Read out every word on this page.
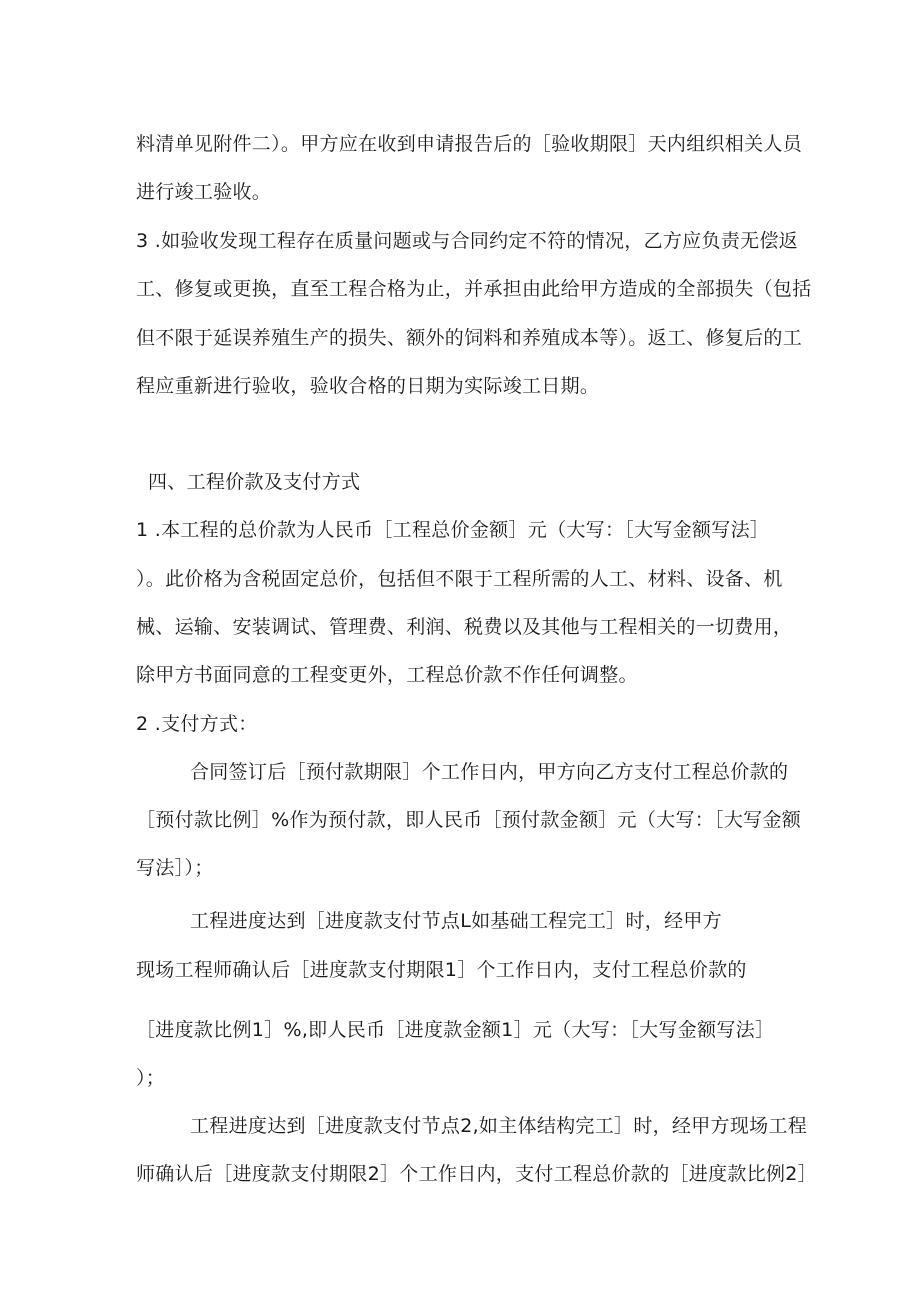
料清单见附件二）。甲方应在收到申请报告后的［验收期限］天内组织相关人员
进行竣工验收。
3 .如验收发现工程存在质量问题或与合同约定不符的情况，乙方应负责无偿返
工、修复或更换，直至工程合格为止，并承担由此给甲方造成的全部损失（包括
但不限于延误养殖生产的损失、额外的饲料和养殖成本等）。返工、修复后的工
程应重新进行验收，验收合格的日期为实际竣工日期。
四、工程价款及支付方式
1 .本工程的总价款为人民币［工程总价金额］元（大写：［大写金额写法］
）。此价格为含税固定总价，包括但不限于工程所需的人工、材料、设备、机
械、运输、安装调试、管理费、利润、税费以及其他与工程相关的一切费用，
除甲方书面同意的工程变更外，工程总价款不作任何调整。
2 .支付方式：
合同签订后［预付款期限］个工作日内，甲方向乙方支付工程总价款的
［预付款比例］%作为预付款，即人民币［预付款金额］元（大写：［大写金额
写法］）；
工程进度达到［进度款支付节点L如基础工程完工］时，经甲方
现场工程师确认后［进度款支付期限1］个工作日内，支付工程总价款的
［进度款比例1］%,即人民币［进度款金额1］元（大写：［大写金额写法］
）；
工程进度达到［进度款支付节点2,如主体结构完工］时，经甲方现场工程
师确认后［进度款支付期限2］个工作日内，支付工程总价款的［进度款比例2］
